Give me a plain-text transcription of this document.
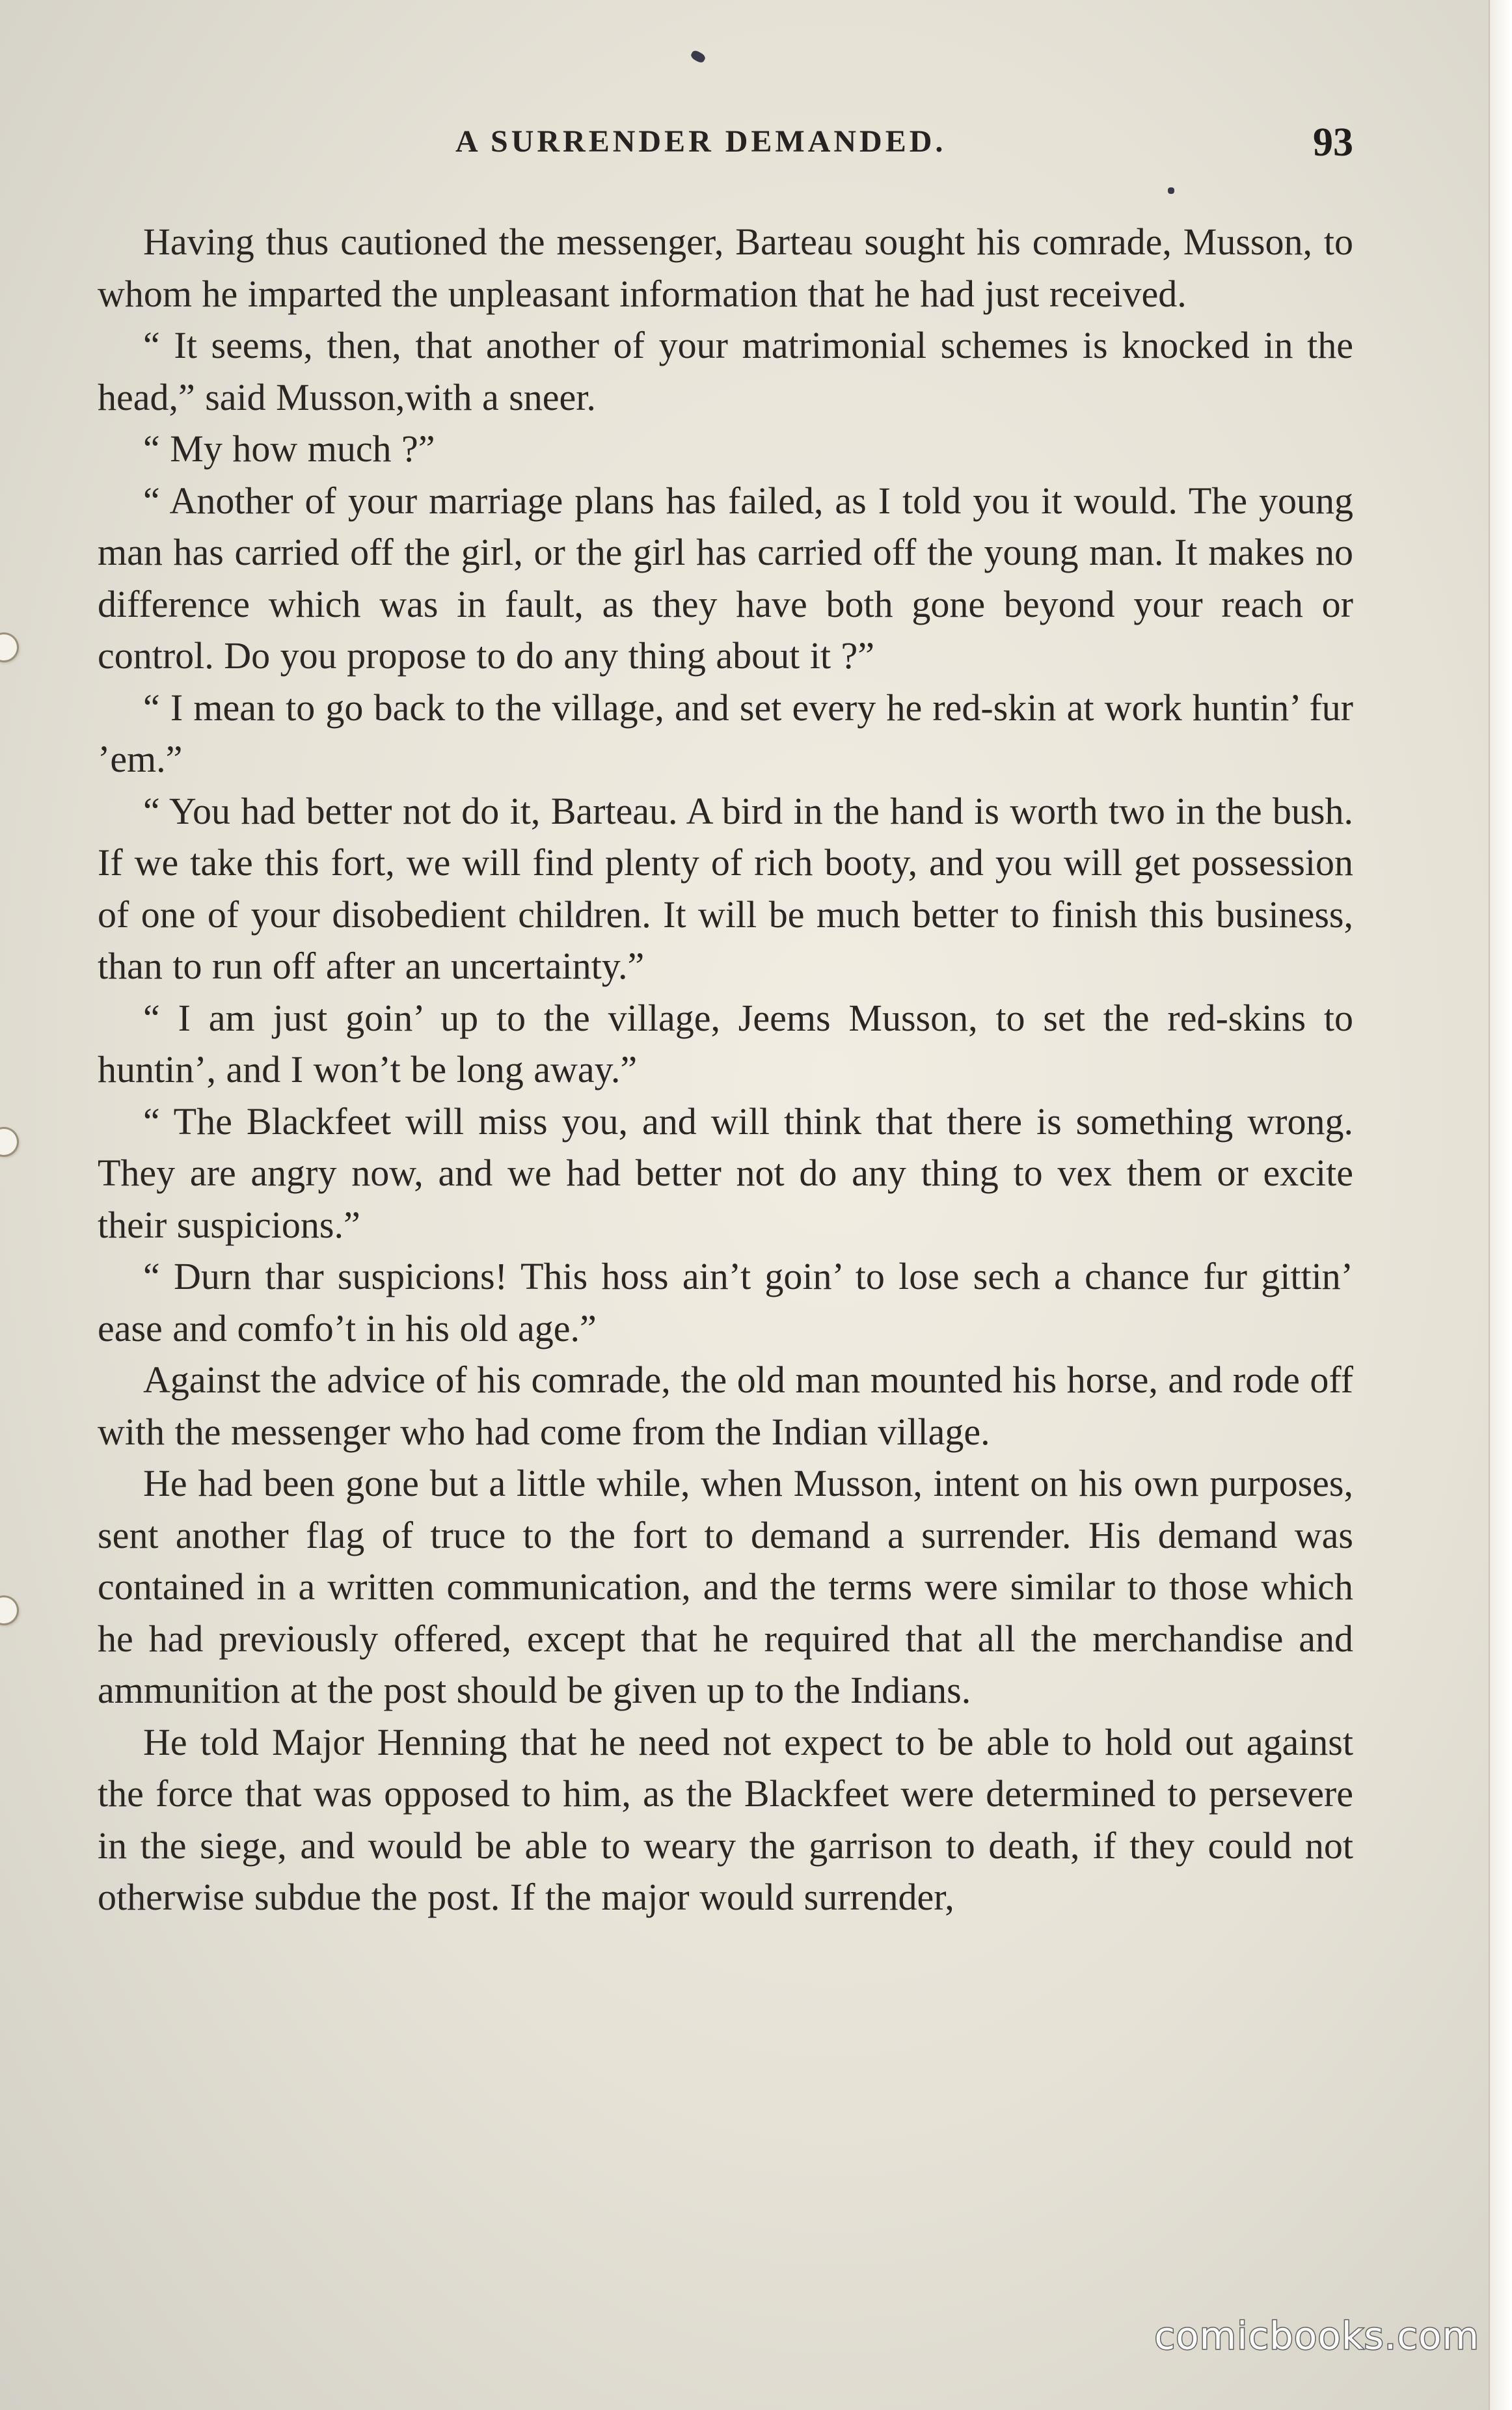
A SURRENDER DEMANDED.	93

Having thus cautioned the messenger, Barteau sought his comrade, Musson, to whom he imparted the unpleasant information that he had just received.

“ It seems, then, that another of your matrimonial schemes is knocked in the head,” said Musson,with a sneer.

“ My how much ?”

“ Another of your marriage plans has failed, as I told you it would. The young man has carried off the girl, or the girl has carried off the young man. It makes no difference which was in fault, as they have both gone beyond your reach or control. Do you propose to do any thing about it ?”

“ I mean to go back to the village, and set every he red-skin at work huntin’ fur ’em.”

“ You had better not do it, Barteau. A bird in the hand is worth two in the bush. If we take this fort, we will find plenty of rich booty, and you will get possession of one of your disobedient children. It will be much better to finish this business, than to run off after an uncertainty.”

“ I am just goin’ up to the village, Jeems Musson, to set the red-skins to huntin’, and I won’t be long away.”

“ The Blackfeet will miss you, and will think that there is something wrong. They are angry now, and we had better not do any thing to vex them or excite their suspicions.”

“ Durn thar suspicions! This hoss ain’t goin’ to lose sech a chance fur gittin’ ease and comfo’t in his old age.”

Against the advice of his comrade, the old man mounted his horse, and rode off with the messenger who had come from the Indian village.

He had been gone but a little while, when Musson, intent on his own purposes, sent another flag of truce to the fort to demand a surrender. His demand was contained in a written communication, and the terms were similar to those which he had previously offered, except that he required that all the merchandise and ammunition at the post should be given up to the Indians.

He told Major Henning that he need not expect to be able to hold out against the force that was opposed to him, as the Blackfeet were determined to persevere in the siege, and would be able to weary the garrison to death, if they could not otherwise subdue the post. If the major would surrender,

comicbooks.com
